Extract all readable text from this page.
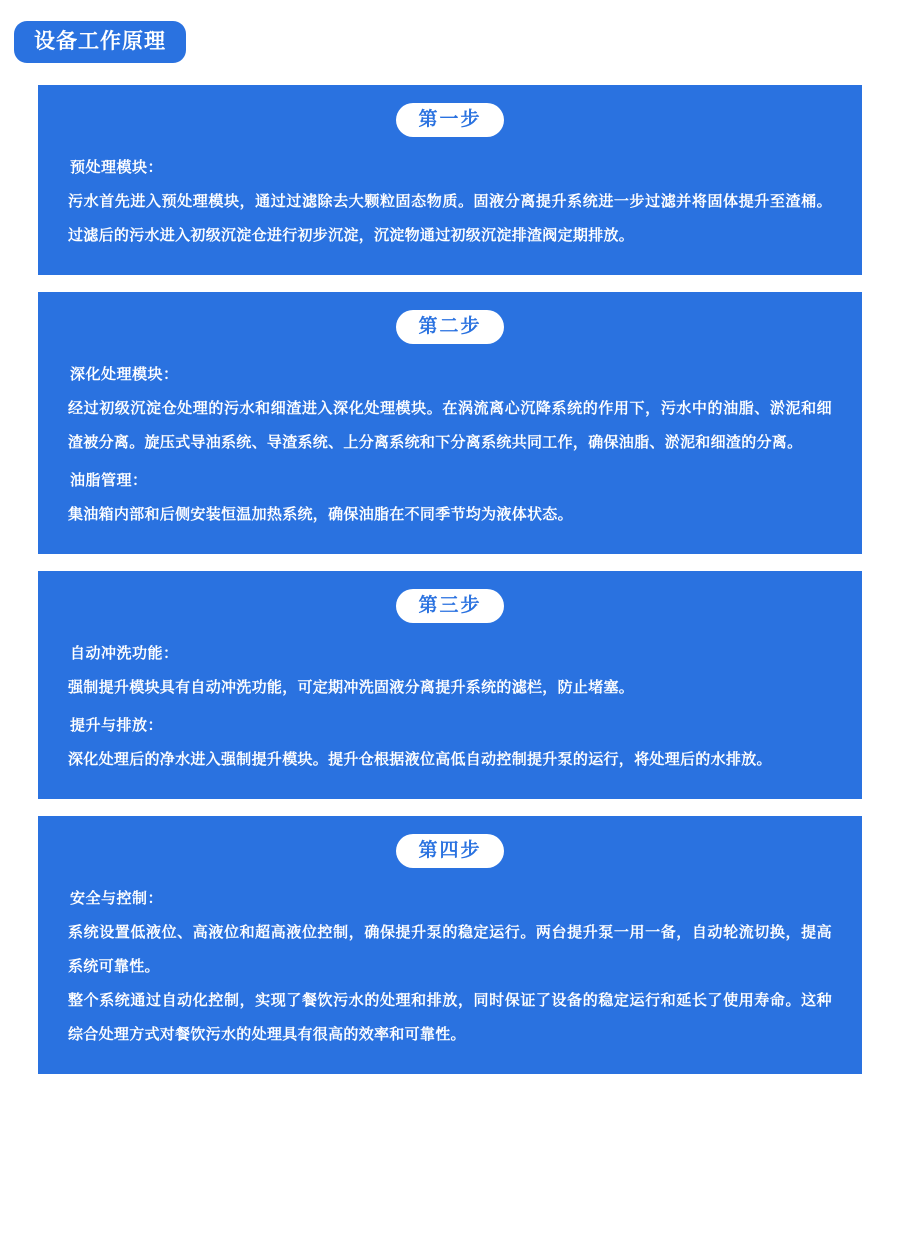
设备工作原理
第一步

预处理模块：

污水首先进入预处理模块，通过过滤除去大颗粒固态物质。固液分离提升系统进一步过滤并将固体提升至渣桶。过滤后的污水进入初级沉淀仓进行初步沉淀，沉淀物通过初级沉淀排渣阀定期排放。

第二步

深化处理模块：

经过初级沉淀仓处理的污水和细渣进入深化处理模块。在涡流离心沉降系统的作用下，污水中的油脂、淤泥和细渣被分离。旋压式导油系统、导渣系统、上分离系统和下分离系统共同工作，确保油脂、淤泥和细渣的分离。

油脂管理：

集油箱内部和后侧安装恒温加热系统，确保油脂在不同季节均为液体状态。

第三步

自动冲洗功能：

强制提升模块具有自动冲洗功能，可定期冲洗固液分离提升系统的滤栏，防止堵塞。

提升与排放：

深化处理后的净水进入强制提升模块。提升仓根据液位高低自动控制提升泵的运行，将处理后的水排放。

第四步

安全与控制：

系统设置低液位、高液位和超高液位控制，确保提升泵的稳定运行。两台提升泵一用一备，自动轮流切换，提高系统可靠性。

整个系统通过自动化控制，实现了餐饮污水的处理和排放，同时保证了设备的稳定运行和延长了使用寿命。这种综合处理方式对餐饮污水的处理具有很高的效率和可靠性。
